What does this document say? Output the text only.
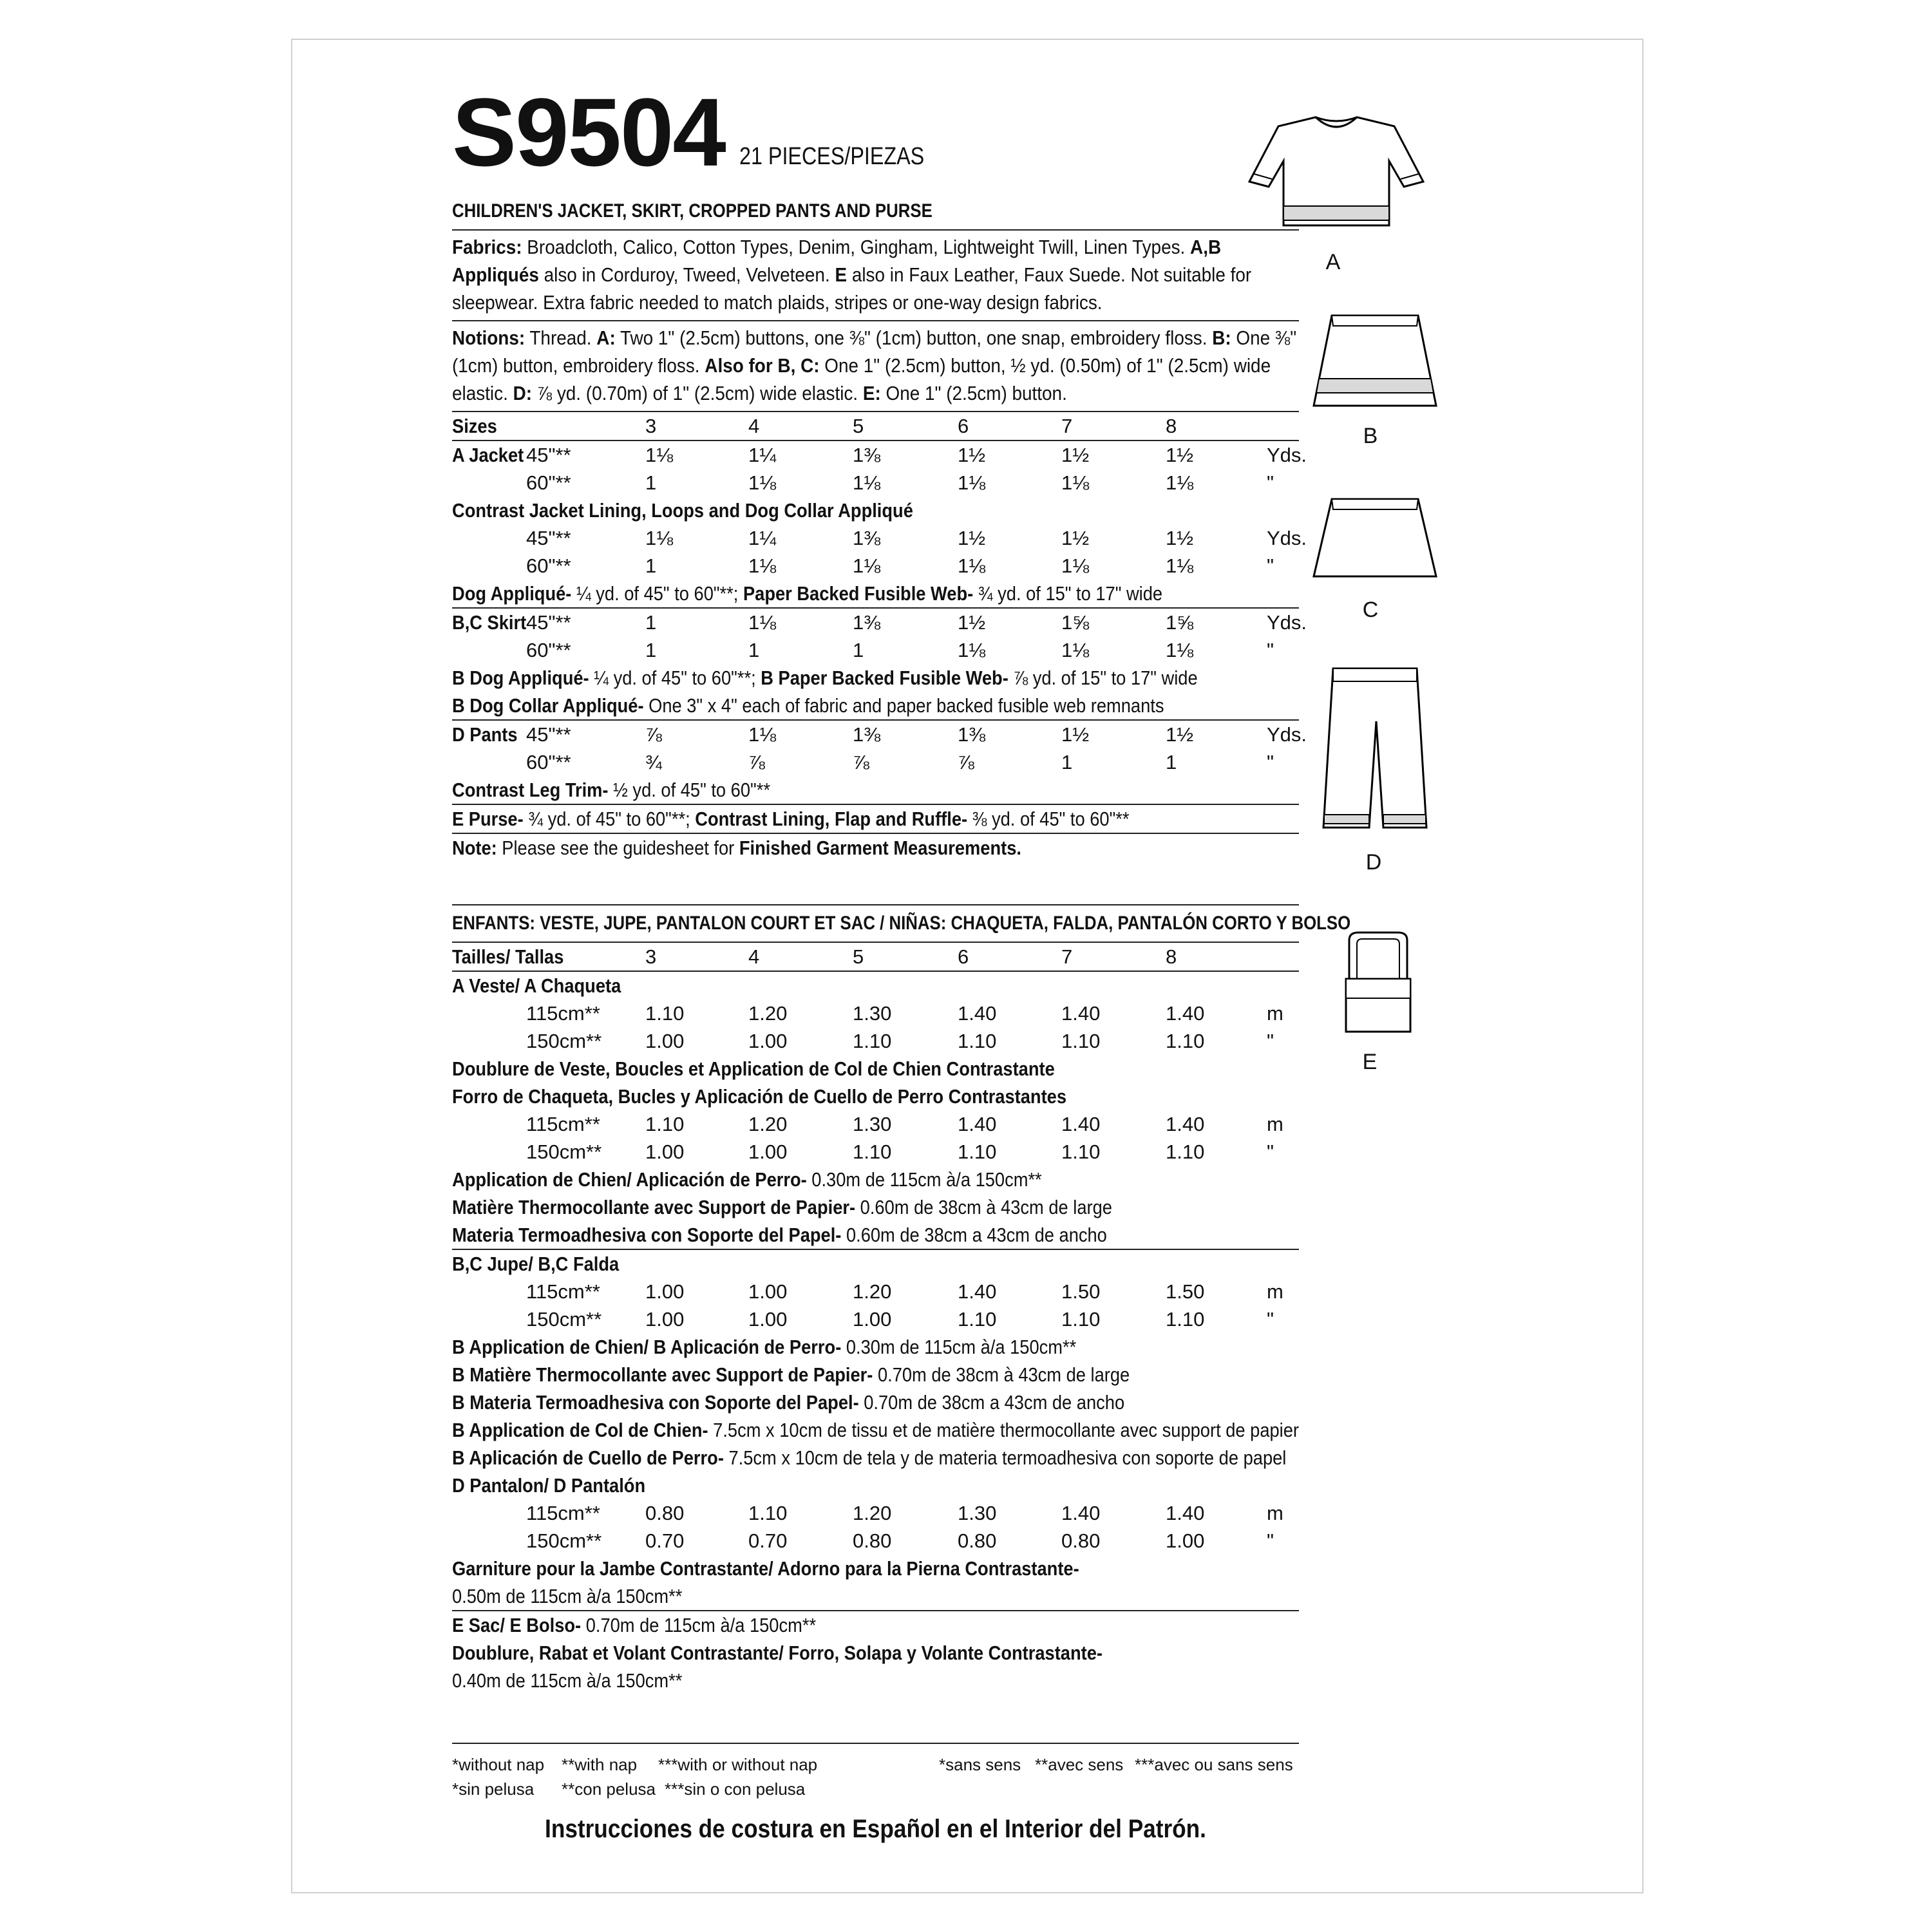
S9504 21 PIECES/PIEZAS
CHILDREN'S JACKET, SKIRT, CROPPED PANTS AND PURSE
Fabrics: Broadcloth, Calico, Cotton Types, Denim, Gingham, Lightweight Twill, Linen Types. A,B Appliqués also in Corduroy, Tweed, Velveteen. E also in Faux Leather, Faux Suede. Not suitable for sleepwear. Extra fabric needed to match plaids, stripes or one-way design fabrics.
Notions: Thread. A: Two 1" (2.5cm) buttons, one ⅜" (1cm) button, one snap, embroidery floss. B: One ⅜" (1cm) button, embroidery floss. Also for B, C: One 1" (2.5cm) button, ½ yd. (0.50m) of 1" (2.5cm) wide elastic. D: ⅞ yd. (0.70m) of 1" (2.5cm) wide elastic. E: One 1" (2.5cm) button.
Sizes	3	4	5	6	7	8
A Jacket 45"**	1⅛	1¼	1⅜	1½	1½	1½	Yds.
60"**	1	1⅛	1⅛	1⅛	1⅛	1⅛	"
Contrast Jacket Lining, Loops and Dog Collar Appliqué
45"**	1⅛	1¼	1⅜	1½	1½	1½	Yds.
60"**	1	1⅛	1⅛	1⅛	1⅛	1⅛	"
Dog Appliqué- ¼ yd. of 45" to 60"**; Paper Backed Fusible Web- ¾ yd. of 15" to 17" wide
B,C Skirt 45"**	1	1⅛	1⅜	1½	1⅝	1⅝	Yds.
60"**	1	1	1	1⅛	1⅛	1⅛	"
B Dog Appliqué- ¼ yd. of 45" to 60"**; B Paper Backed Fusible Web- ⅞ yd. of 15" to 17" wide
B Dog Collar Appliqué- One 3" x 4" each of fabric and paper backed fusible web remnants
D Pants 45"**	⅞	1⅛	1⅜	1⅜	1½	1½	Yds.
60"**	¾	⅞	⅞	⅞	1	1	"
Contrast Leg Trim- ½ yd. of 45" to 60"**
E Purse- ¾ yd. of 45" to 60"**; Contrast Lining, Flap and Ruffle- ⅜ yd. of 45" to 60"**
Note: Please see the guidesheet for Finished Garment Measurements.
ENFANTS: VESTE, JUPE, PANTALON COURT ET SAC / NIÑAS: CHAQUETA, FALDA, PANTALÓN CORTO Y BOLSO
Tailles/ Tallas	3	4	5	6	7	8
A Veste/ A Chaqueta
115cm** 1.10	1.20	1.30	1.40	1.40	1.40	m
150cm** 1.00	1.00	1.10	1.10	1.10	1.10	"
Doublure de Veste, Boucles et Application de Col de Chien Contrastante
Forro de Chaqueta, Bucles y Aplicación de Cuello de Perro Contrastantes
115cm** 1.10	1.20	1.30	1.40	1.40	1.40	m
150cm** 1.00	1.00	1.10	1.10	1.10	1.10	"
Application de Chien/ Aplicación de Perro- 0.30m de 115cm à/a 150cm**
Matière Thermocollante avec Support de Papier- 0.60m de 38cm à 43cm de large
Materia Termoadhesiva con Soporte del Papel- 0.60m de 38cm a 43cm de ancho
B,C Jupe/ B,C Falda
115cm** 1.00	1.00	1.20	1.40	1.50	1.50	m
150cm** 1.00	1.00	1.00	1.10	1.10	1.10	"
B Application de Chien/ B Aplicación de Perro- 0.30m de 115cm à/a 150cm**
B Matière Thermocollante avec Support de Papier- 0.70m de 38cm à 43cm de large
B Materia Termoadhesiva con Soporte del Papel- 0.70m de 38cm a 43cm de ancho
B Application de Col de Chien- 7.5cm x 10cm de tissu et de matière thermocollante avec support de papier
B Aplicación de Cuello de Perro- 7.5cm x 10cm de tela y de materia termoadhesiva con soporte de papel
D Pantalon/ D Pantalón
115cm** 0.80	1.10	1.20	1.30	1.40	1.40	m
150cm** 0.70	0.70	0.80	0.80	0.80	1.00	"
Garniture pour la Jambe Contrastante/ Adorno para la Pierna Contrastante-
0.50m de 115cm à/a 150cm**
E Sac/ E Bolso- 0.70m de 115cm à/a 150cm**
Doublure, Rabat et Volant Contrastante/ Forro, Solapa y Volante Contrastante-
0.40m de 115cm à/a 150cm**
*without nap **with nap ***with or without nap
*sin pelusa **con pelusa ***sin o con pelusa
*sans sens **avec sens ***avec ou sans sens
Instrucciones de costura en Español en el Interior del Patrón.
A
B
C
D
E
